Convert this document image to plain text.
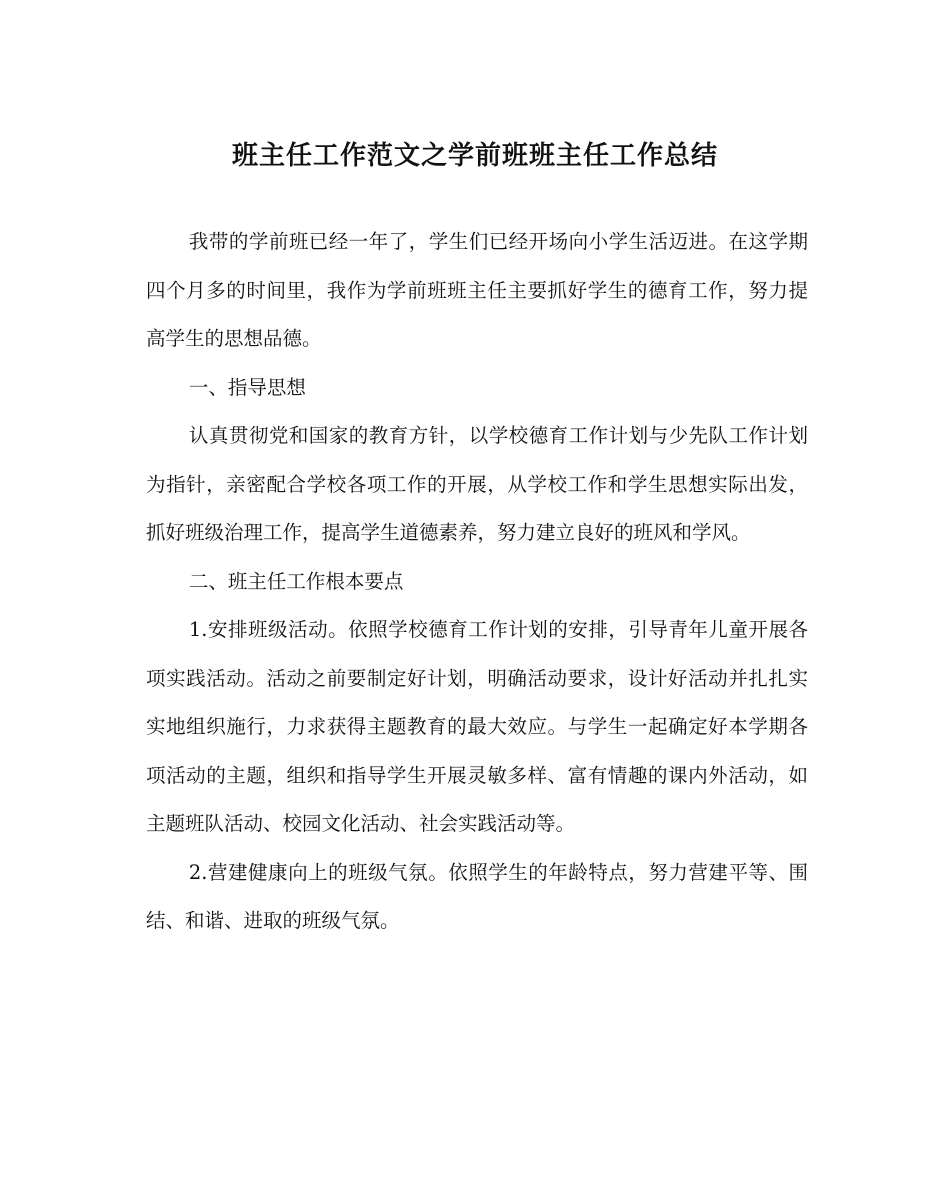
班主任工作范文之学前班班主任工作总结

我带的学前班已经一年了，学生们已经开场向小学生活迈进。在这学期四个月多的时间里，我作为学前班班主任主要抓好学生的德育工作，努力提高学生的思想品德。

一、指导思想

认真贯彻党和国家的教育方针，以学校德育工作计划与少先队工作计划为指针，亲密配合学校各项工作的开展，从学校工作和学生思想实际出发，抓好班级治理工作，提高学生道德素养，努力建立良好的班风和学风。

二、班主任工作根本要点

1.安排班级活动。依照学校德育工作计划的安排，引导青年儿童开展各项实践活动。活动之前要制定好计划，明确活动要求，设计好活动并扎扎实实地组织施行，力求获得主题教育的最大效应。与学生一起确定好本学期各项活动的主题，组织和指导学生开展灵敏多样、富有情趣的课内外活动，如主题班队活动、校园文化活动、社会实践活动等。

2.营建健康向上的班级气氛。依照学生的年龄特点，努力营建平等、围结、和谐、进取的班级气氛。
